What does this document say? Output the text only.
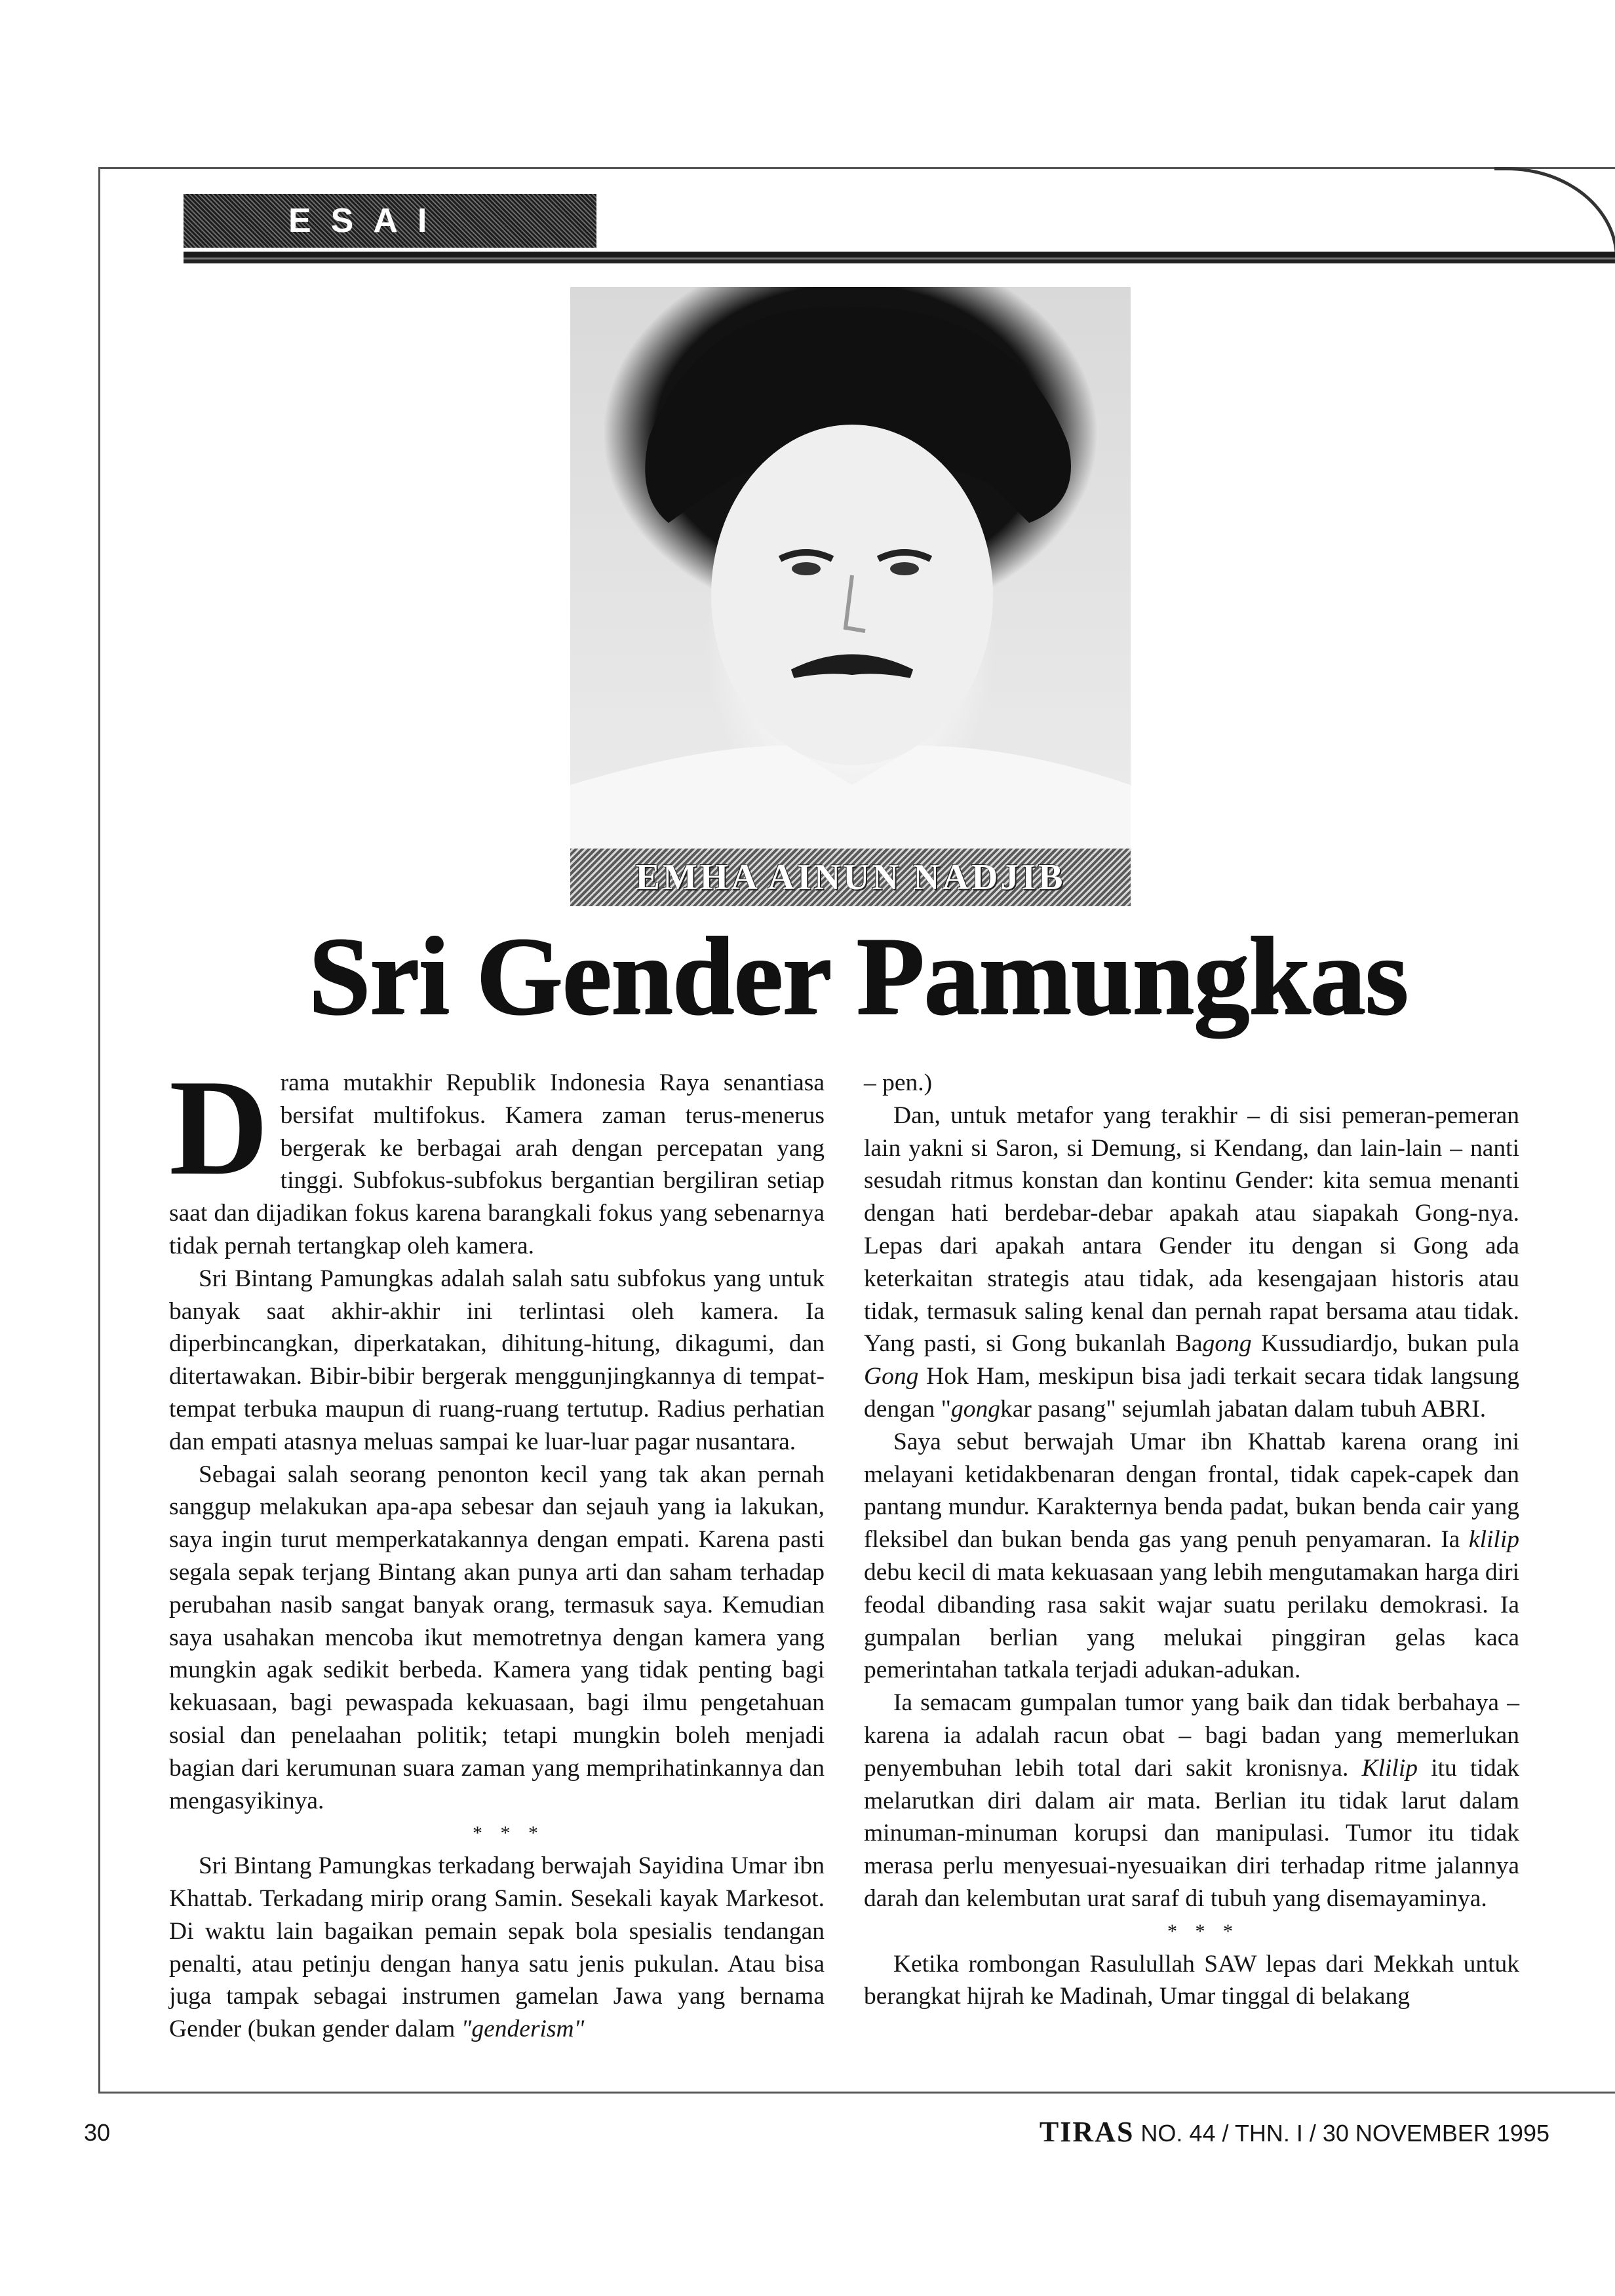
ESAI
EMHA AINUN NADJIB
Sri Gender Pamungkas

Drama mutakhir Republik Indonesia Raya senantiasa bersifat multifokus. Kamera zaman terus-menerus bergerak ke berbagai arah dengan percepatan yang tinggi. Subfokus-subfokus bergantian bergiliran setiap saat dan dijadikan fokus karena barangkali fokus yang sebenarnya tidak pernah tertangkap oleh kamera.

Sri Bintang Pamungkas adalah salah satu subfokus yang untuk banyak saat akhir-akhir ini terlintasi oleh kamera. Ia diperbincangkan, diperkatakan, dihitung-hitung, dikagumi, dan ditertawakan. Bibir-bibir bergerak menggunjingkannya di tempat-tempat terbuka maupun di ruang-ruang tertutup. Radius perhatian dan empati atasnya meluas sampai ke luar-luar pagar nusantara.

Sebagai salah seorang penonton kecil yang tak akan pernah sanggup melakukan apa-apa sebesar dan sejauh yang ia lakukan, saya ingin turut memperkatakannya dengan empati. Karena pasti segala sepak terjang Bintang akan punya arti dan saham terhadap perubahan nasib sangat banyak orang, termasuk saya. Kemudian saya usahakan mencoba ikut memotretnya dengan kamera yang mungkin agak sedikit berbeda. Kamera yang tidak penting bagi kekuasaan, bagi pewaspada kekuasaan, bagi ilmu pengetahuan sosial dan penelaahan politik; tetapi mungkin boleh menjadi bagian dari kerumunan suara zaman yang memprihatinkannya dan mengasyikinya.

* * *

Sri Bintang Pamungkas terkadang berwajah Sayidina Umar ibn Khattab. Terkadang mirip orang Samin. Sesekali kayak Markesot. Di waktu lain bagaikan pemain sepak bola spesialis tendangan penalti, atau petinju dengan hanya satu jenis pukulan. Atau bisa juga tampak sebagai instrumen gamelan Jawa yang bernama Gender (bukan gender dalam "genderism"

– pen.)

Dan, untuk metafor yang terakhir – di sisi pemeran-pemeran lain yakni si Saron, si Demung, si Kendang, dan lain-lain – nanti sesudah ritmus konstan dan kontinu Gender: kita semua menanti dengan hati berdebar-debar apakah atau siapakah Gong-nya. Lepas dari apakah antara Gender itu dengan si Gong ada keterkaitan strategis atau tidak, ada kesengajaan historis atau tidak, termasuk saling kenal dan pernah rapat bersama atau tidak. Yang pasti, si Gong bukanlah Bagong Kussudiardjo, bukan pula Gong Hok Ham, meskipun bisa jadi terkait secara tidak langsung dengan "gongkar pasang" sejumlah jabatan dalam tubuh ABRI.

Saya sebut berwajah Umar ibn Khattab karena orang ini melayani ketidakbenaran dengan frontal, tidak capek-capek dan pantang mundur. Karakternya benda padat, bukan benda cair yang fleksibel dan bukan benda gas yang penuh penyamaran. Ia klilip debu kecil di mata kekuasaan yang lebih mengutamakan harga diri feodal dibanding rasa sakit wajar suatu perilaku demokrasi. Ia gumpalan berlian yang melukai pinggiran gelas kaca pemerintahan tatkala terjadi adukan-adukan.

Ia semacam gumpalan tumor yang baik dan tidak berbahaya – karena ia adalah racun obat – bagi badan yang memerlukan penyembuhan lebih total dari sakit kronisnya. Klilip itu tidak melarutkan diri dalam air mata. Berlian itu tidak larut dalam minuman-minuman korupsi dan manipulasi. Tumor itu tidak merasa perlu menyesuai-nyesuaikan diri terhadap ritme jalannya darah dan kelembutan urat saraf di tubuh yang disemayaminya.

* * *

Ketika rombongan Rasulullah SAW lepas dari Mekkah untuk berangkat hijrah ke Madinah, Umar tinggal di belakang

30	TIRAS NO. 44 / THN. I / 30 NOVEMBER 1995
